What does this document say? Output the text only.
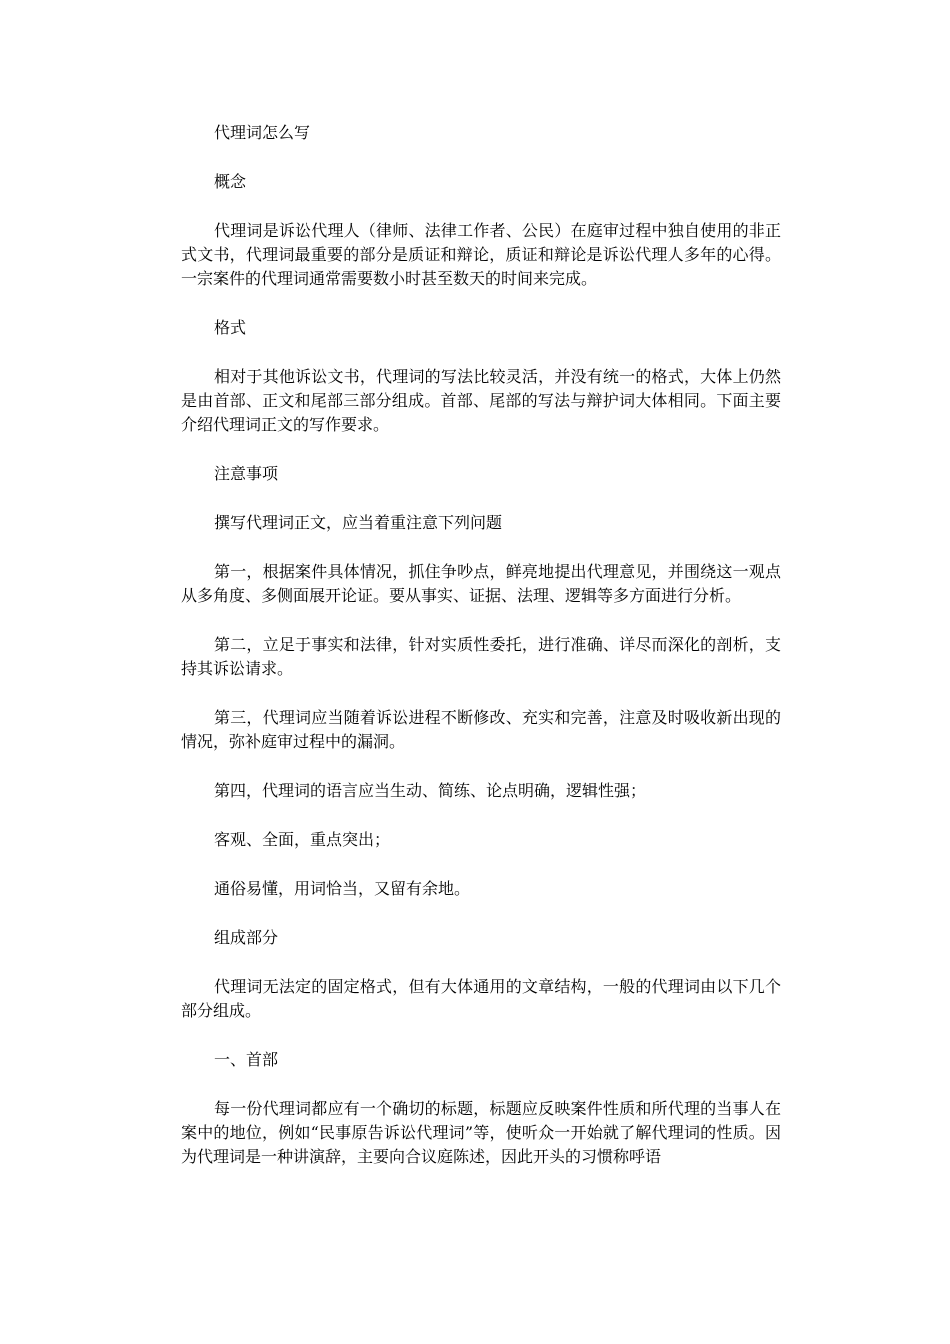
代理词怎么写

概念

代理词是诉讼代理人（律师、法律工作者、公民）在庭审过程中独自使用的非正式文书，代理词最重要的部分是质证和辩论，质证和辩论是诉讼代理人多年的心得。一宗案件的代理词通常需要数小时甚至数天的时间来完成。

格式

相对于其他诉讼文书，代理词的写法比较灵活，并没有统一的格式，大体上仍然是由首部、正文和尾部三部分组成。首部、尾部的写法与辩护词大体相同。下面主要介绍代理词正文的写作要求。

注意事项

撰写代理词正文，应当着重注意下列问题

第一，根据案件具体情况，抓住争吵点，鲜亮地提出代理意见，并围绕这一观点从多角度、多侧面展开论证。要从事实、证据、法理、逻辑等多方面进行分析。

第二，立足于事实和法律，针对实质性委托，进行准确、详尽而深化的剖析，支持其诉讼请求。

第三，代理词应当随着诉讼进程不断修改、充实和完善，注意及时吸收新出现的情况，弥补庭审过程中的漏洞。

第四，代理词的语言应当生动、简练、论点明确，逻辑性强；

客观、全面，重点突出；

通俗易懂，用词恰当，又留有余地。

组成部分

代理词无法定的固定格式，但有大体通用的文章结构，一般的代理词由以下几个部分组成。

一、首部

每一份代理词都应有一个确切的标题，标题应反映案件性质和所代理的当事人在案中的地位，例如“民事原告诉讼代理词”等，使听众一开始就了解代理词的性质。因为代理词是一种讲演辞，主要向合议庭陈述，因此开头的习惯称呼语
